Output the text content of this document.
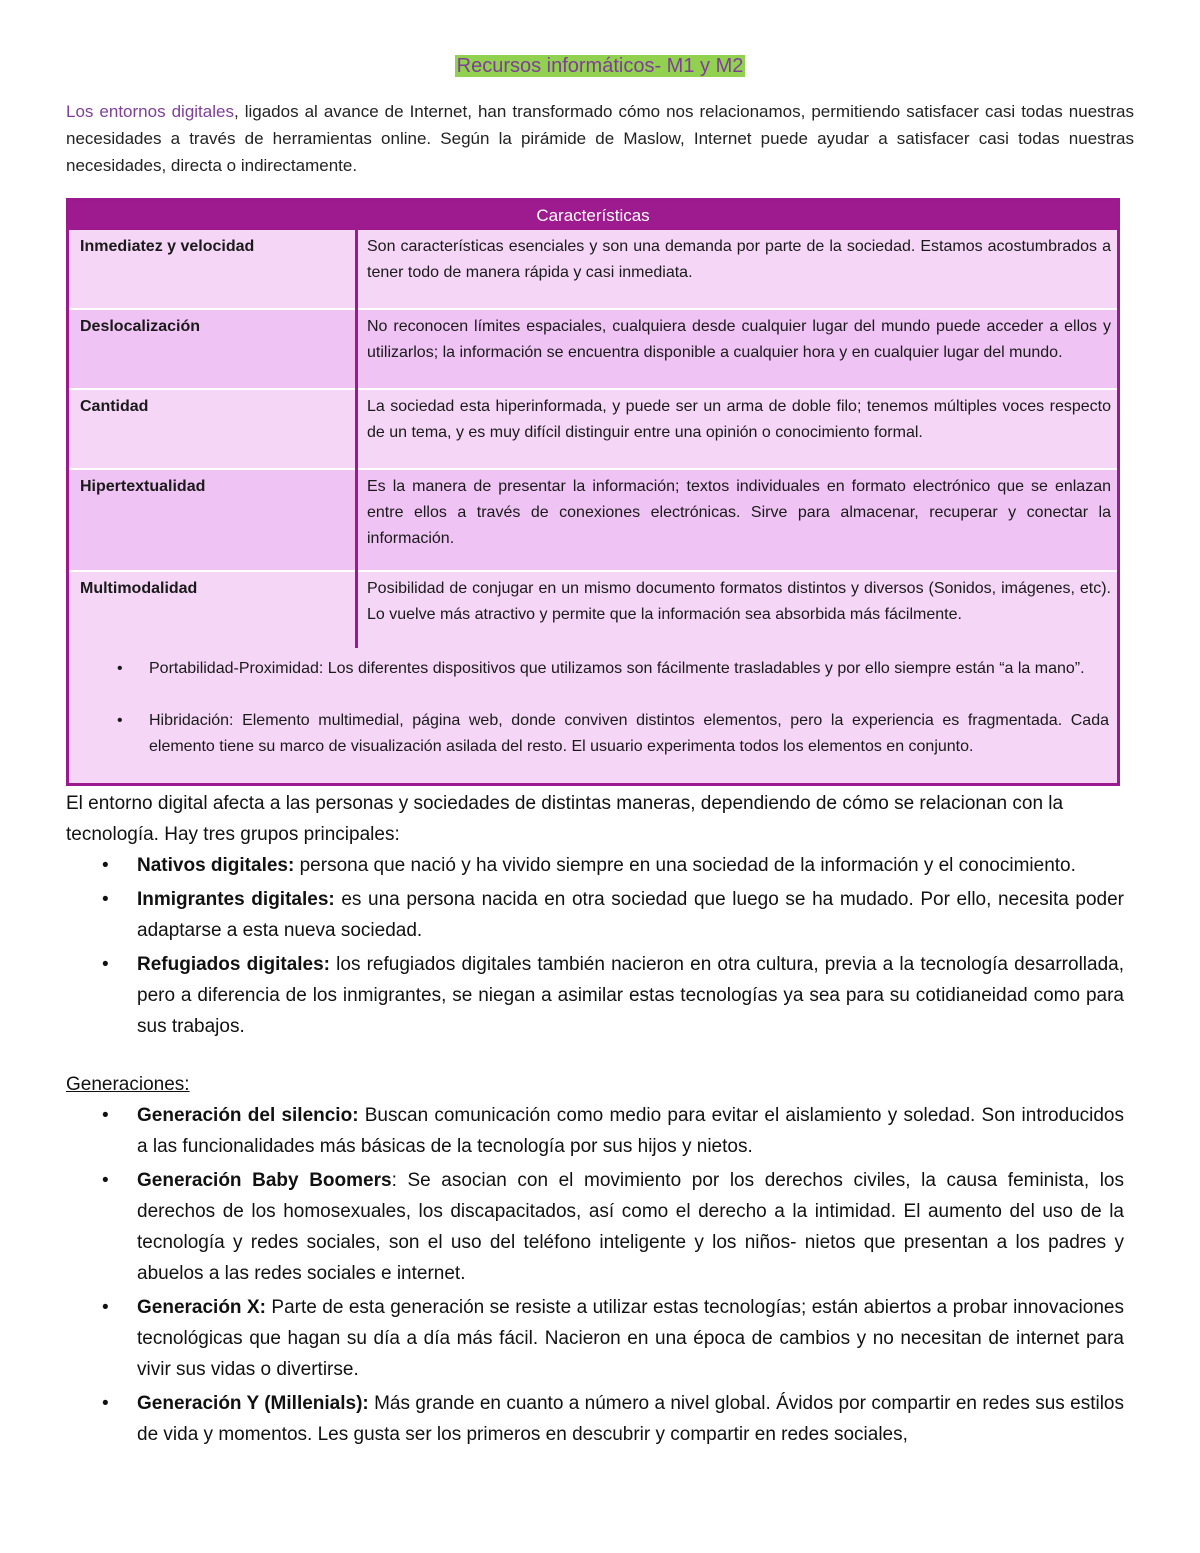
Recursos informáticos- M1 y M2
Los entornos digitales, ligados al avance de Internet, han transformado cómo nos relacionamos, permitiendo satisfacer casi todas nuestras necesidades a través de herramientas online. Según la pirámide de Maslow, Internet puede ayudar a satisfacer casi todas nuestras necesidades, directa o indirectamente.
Características
Inmediatez y velocidad	Son características esenciales y son una demanda por parte de la sociedad. Estamos acostumbrados a tener todo de manera rápida y casi inmediata.
Deslocalización	No reconocen límites espaciales, cualquiera desde cualquier lugar del mundo puede acceder a ellos y utilizarlos; la información se encuentra disponible a cualquier hora y en cualquier lugar del mundo.
Cantidad	La sociedad esta hiperinformada, y puede ser un arma de doble filo; tenemos múltiples voces respecto de un tema, y es muy difícil distinguir entre una opinión o conocimiento formal.
Hipertextualidad	Es la manera de presentar la información; textos individuales en formato electrónico que se enlazan entre ellos a través de conexiones electrónicas. Sirve para almacenar, recuperar y conectar la información.
Multimodalidad	Posibilidad de conjugar en un mismo documento formatos distintos y diversos (Sonidos, imágenes, etc). Lo vuelve más atractivo y permite que la información sea absorbida más fácilmente.
• Portabilidad-Proximidad: Los diferentes dispositivos que utilizamos son fácilmente trasladables y por ello siempre están “a la mano”.
• Hibridación: Elemento multimedial, página web, donde conviven distintos elementos, pero la experiencia es fragmentada. Cada elemento tiene su marco de visualización asilada del resto. El usuario experimenta todos los elementos en conjunto.
El entorno digital afecta a las personas y sociedades de distintas maneras, dependiendo de cómo se relacionan con la tecnología. Hay tres grupos principales:
• Nativos digitales: persona que nació y ha vivido siempre en una sociedad de la información y el conocimiento.
• Inmigrantes digitales: es una persona nacida en otra sociedad que luego se ha mudado. Por ello, necesita poder adaptarse a esta nueva sociedad.
• Refugiados digitales: los refugiados digitales también nacieron en otra cultura, previa a la tecnología desarrollada, pero a diferencia de los inmigrantes, se niegan a asimilar estas tecnologías ya sea para su cotidianeidad como para sus trabajos.
Generaciones:
• Generación del silencio: Buscan comunicación como medio para evitar el aislamiento y soledad. Son introducidos a las funcionalidades más básicas de la tecnología por sus hijos y nietos.
• Generación Baby Boomers: Se asocian con el movimiento por los derechos civiles, la causa feminista, los derechos de los homosexuales, los discapacitados, así como el derecho a la intimidad. El aumento del uso de la tecnología y redes sociales, son el uso del teléfono inteligente y los niños- nietos que presentan a los padres y abuelos a las redes sociales e internet.
• Generación X: Parte de esta generación se resiste a utilizar estas tecnologías; están abiertos a probar innovaciones tecnológicas que hagan su día a día más fácil. Nacieron en una época de cambios y no necesitan de internet para vivir sus vidas o divertirse.
• Generación Y (Millenials): Más grande en cuanto a número a nivel global. Ávidos por compartir en redes sus estilos de vida y momentos. Les gusta ser los primeros en descubrir y compartir en redes sociales,
